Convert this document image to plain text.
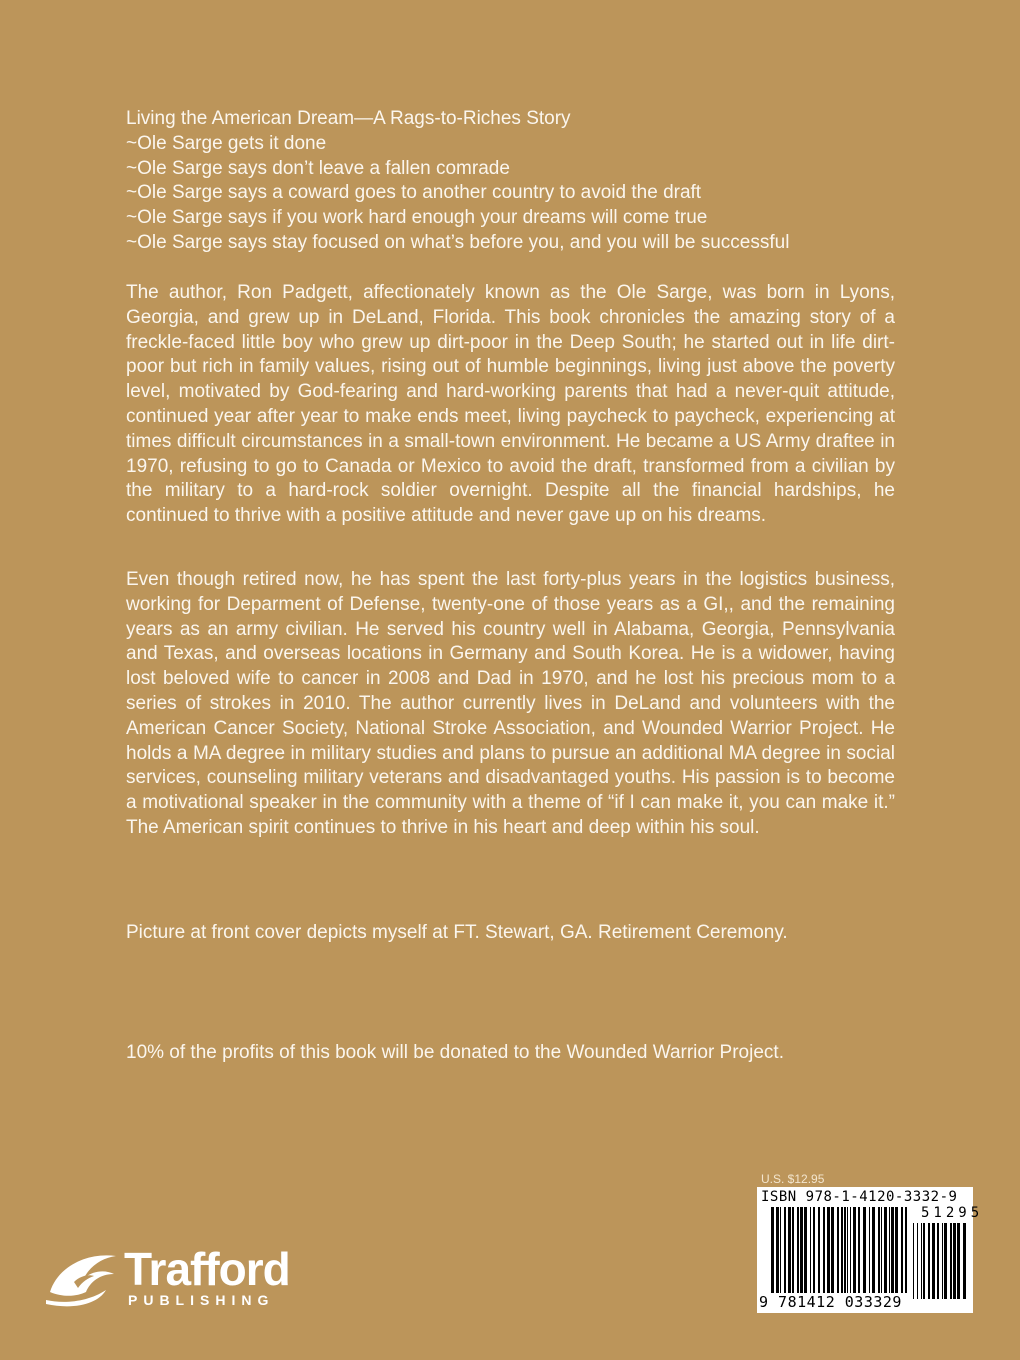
Living the American Dream—A Rags-to-Riches Story
~Ole Sarge gets it done
~Ole Sarge says don’t leave a fallen comrade
~Ole Sarge says a coward goes to another country to avoid the draft
~Ole Sarge says if you work hard enough your dreams will come true
~Ole Sarge says stay focused on what’s before you, and you will be successful

The author, Ron Padgett, affectionately known as the Ole Sarge, was born in Lyons, Georgia, and grew up in DeLand, Florida. This book chronicles the amazing story of a freckle-faced little boy who grew up dirt-poor in the Deep South; he started out in life dirt-poor but rich in family values, rising out of humble beginnings, living just above the poverty level, motivated by God-fearing and hard-working parents that had a never-quit attitude, continued year after year to make ends meet, living paycheck to paycheck, experiencing at times difficult circumstances in a small-town environment. He became a US Army draftee in 1970, refusing to go to Canada or Mexico to avoid the draft, transformed from a civilian by the military to a hard-rock soldier overnight. Despite all the financial hardships, he continued to thrive with a positive attitude and never gave up on his dreams.

Even though retired now, he has spent the last forty-plus years in the logistics business, working for Deparment of Defense, twenty-one of those years as a GI,, and the remaining years as an army civilian. He served his country well in Alabama, Georgia, Pennsylvania and Texas, and overseas locations in Germany and South Korea. He is a widower, having lost beloved wife to cancer in 2008 and Dad in 1970, and he lost his precious mom to a series of strokes in 2010. The author currently lives in DeLand and volunteers with the American Cancer Society, National Stroke Association, and Wounded Warrior Project. He holds a MA degree in military studies and plans to pursue an additional MA degree in social services, counseling military veterans and disadvantaged youths. His passion is to become a motivational speaker in the community with a theme of “if I can make it, you can make it.” The American spirit continues to thrive in his heart and deep within his soul.

Picture at front cover depicts myself at FT. Stewart, GA. Retirement Ceremony.
10% of the profits of this book will be donated to the Wounded Warrior Project.
U.S. $12.95
ISBN 978-1-4120-3332-9
51295
9 781412 033329
Trafford
PUBLISHING
